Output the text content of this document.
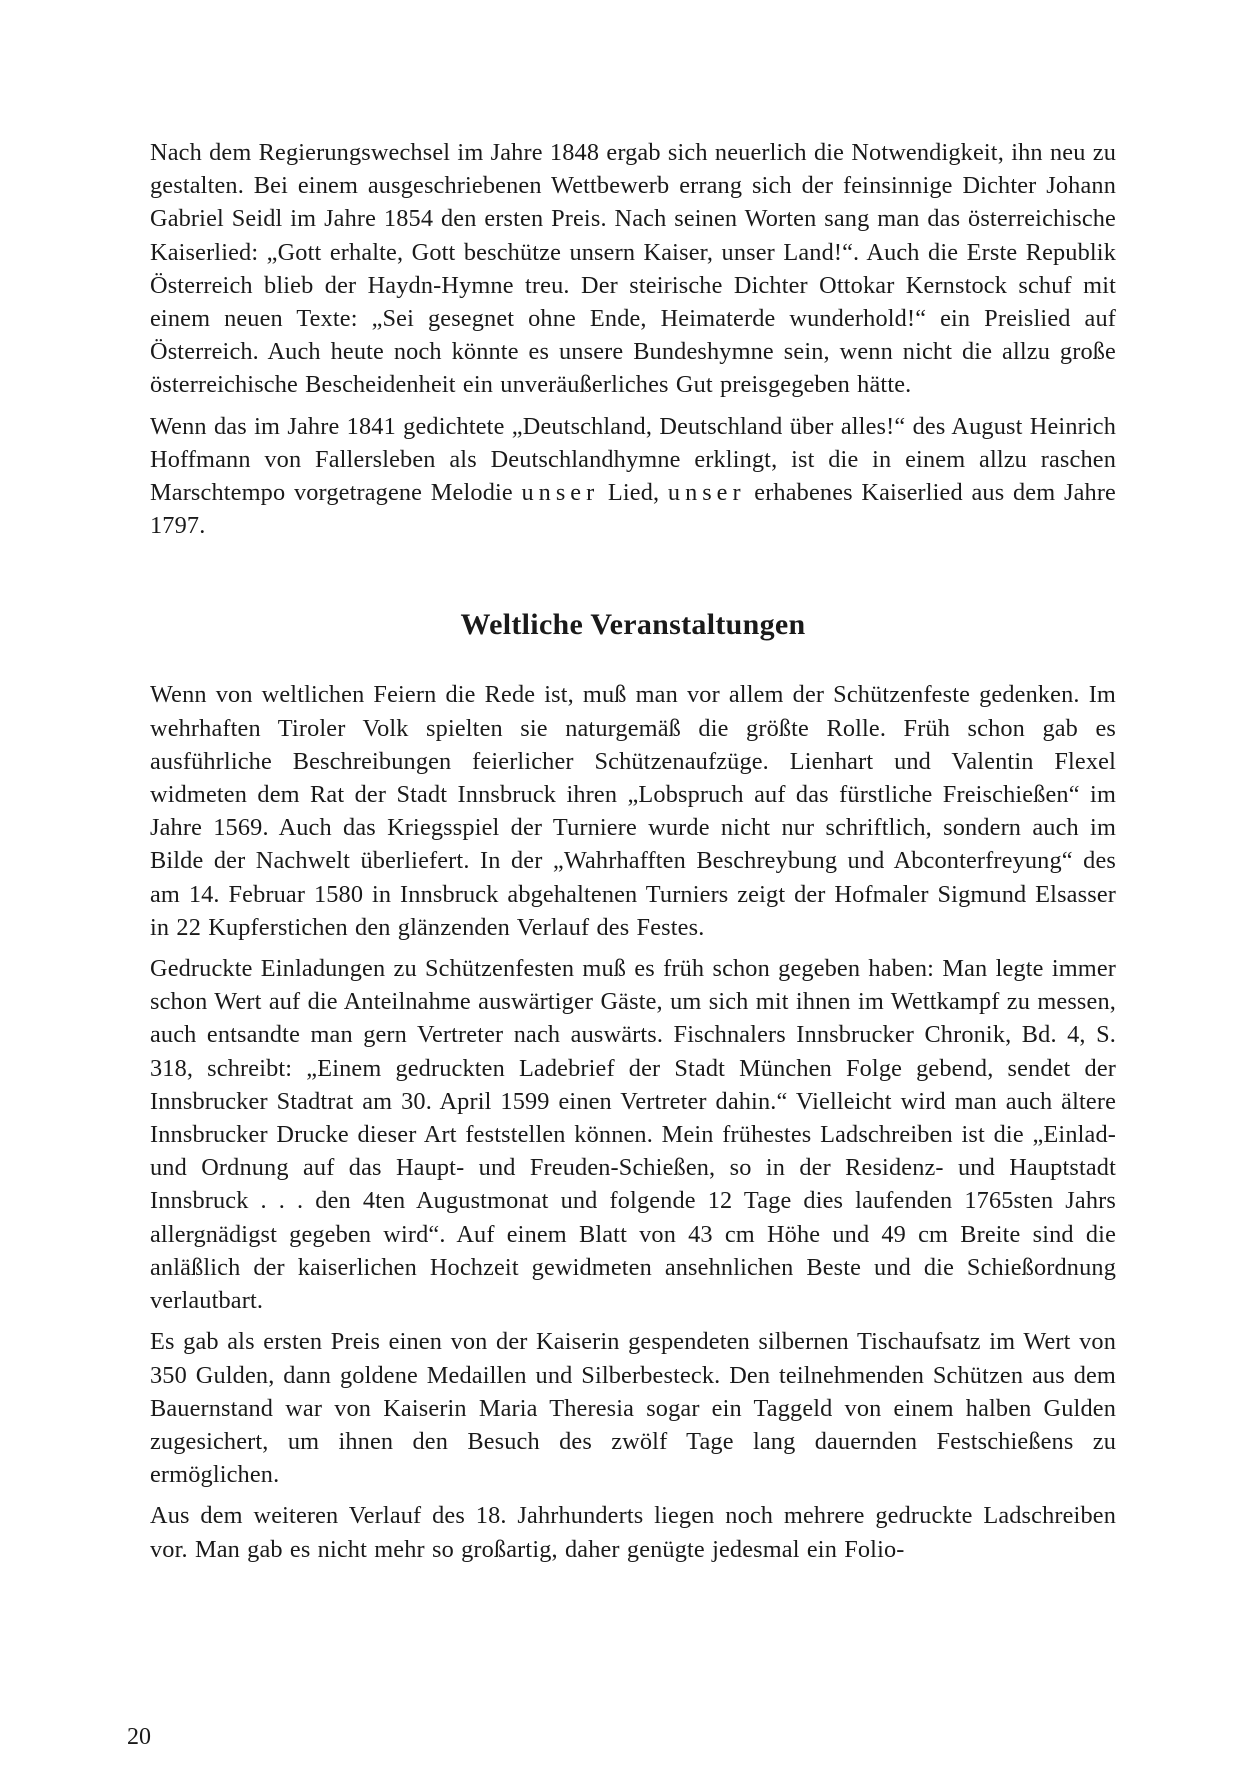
Nach dem Regierungswechsel im Jahre 1848 ergab sich neuerlich die Notwendigkeit, ihn neu zu gestalten. Bei einem ausgeschriebenen Wettbewerb errang sich der feinsinnige Dichter Johann Gabriel Seidl im Jahre 1854 den ersten Preis. Nach seinen Worten sang man das österreichische Kaiserlied: „Gott erhalte, Gott beschütze unsern Kaiser, unser Land!“. Auch die Erste Republik Österreich blieb der Haydn-Hymne treu. Der steirische Dichter Ottokar Kernstock schuf mit einem neuen Texte: „Sei gesegnet ohne Ende, Heimaterde wunderhold!“ ein Preislied auf Österreich. Auch heute noch könnte es unsere Bundeshymne sein, wenn nicht die allzu große österreichische Bescheidenheit ein unveräußerliches Gut preisgegeben hätte.

Wenn das im Jahre 1841 gedichtete „Deutschland, Deutschland über alles!“ des August Heinrich Hoffmann von Fallersleben als Deutschlandhymne erklingt, ist die in einem allzu raschen Marschtempo vorgetragene Melodie unser Lied, unser erhabenes Kaiserlied aus dem Jahre 1797.

Weltliche Veranstaltungen

Wenn von weltlichen Feiern die Rede ist, muß man vor allem der Schützenfeste gedenken. Im wehrhaften Tiroler Volk spielten sie naturgemäß die größte Rolle. Früh schon gab es ausführliche Beschreibungen feierlicher Schützenaufzüge. Lienhart und Valentin Flexel widmeten dem Rat der Stadt Innsbruck ihren „Lobspruch auf das fürstliche Freischießen“ im Jahre 1569. Auch das Kriegsspiel der Turniere wurde nicht nur schriftlich, sondern auch im Bilde der Nachwelt überliefert. In der „Wahrhafften Beschreybung und Abconterfreyung“ des am 14. Februar 1580 in Innsbruck abgehaltenen Turniers zeigt der Hofmaler Sigmund Elsasser in 22 Kupferstichen den glänzenden Verlauf des Festes.

Gedruckte Einladungen zu Schützenfesten muß es früh schon gegeben haben: Man legte immer schon Wert auf die Anteilnahme auswärtiger Gäste, um sich mit ihnen im Wettkampf zu messen, auch entsandte man gern Vertreter nach auswärts. Fischnalers Innsbrucker Chronik, Bd. 4, S. 318, schreibt: „Einem gedruckten Ladebrief der Stadt München Folge gebend, sendet der Innsbrucker Stadtrat am 30. April 1599 einen Vertreter dahin.“ Vielleicht wird man auch ältere Innsbrucker Drucke dieser Art feststellen können. Mein frühestes Ladschreiben ist die „Einlad- und Ordnung auf das Haupt- und Freuden-Schießen, so in der Residenz- und Hauptstadt Innsbruck . . . den 4ten Augustmonat und folgende 12 Tage dies laufenden 1765sten Jahrs allergnädigst gegeben wird“. Auf einem Blatt von 43 cm Höhe und 49 cm Breite sind die anläßlich der kaiserlichen Hochzeit gewidmeten ansehnlichen Beste und die Schießordnung verlautbart.

Es gab als ersten Preis einen von der Kaiserin gespendeten silbernen Tischaufsatz im Wert von 350 Gulden, dann goldene Medaillen und Silberbesteck. Den teilnehmenden Schützen aus dem Bauernstand war von Kaiserin Maria Theresia sogar ein Taggeld von einem halben Gulden zugesichert, um ihnen den Besuch des zwölf Tage lang dauernden Festschießens zu ermöglichen.

Aus dem weiteren Verlauf des 18. Jahrhunderts liegen noch mehrere gedruckte Ladschreiben vor. Man gab es nicht mehr so großartig, daher genügte jedesmal ein Folio-

20
